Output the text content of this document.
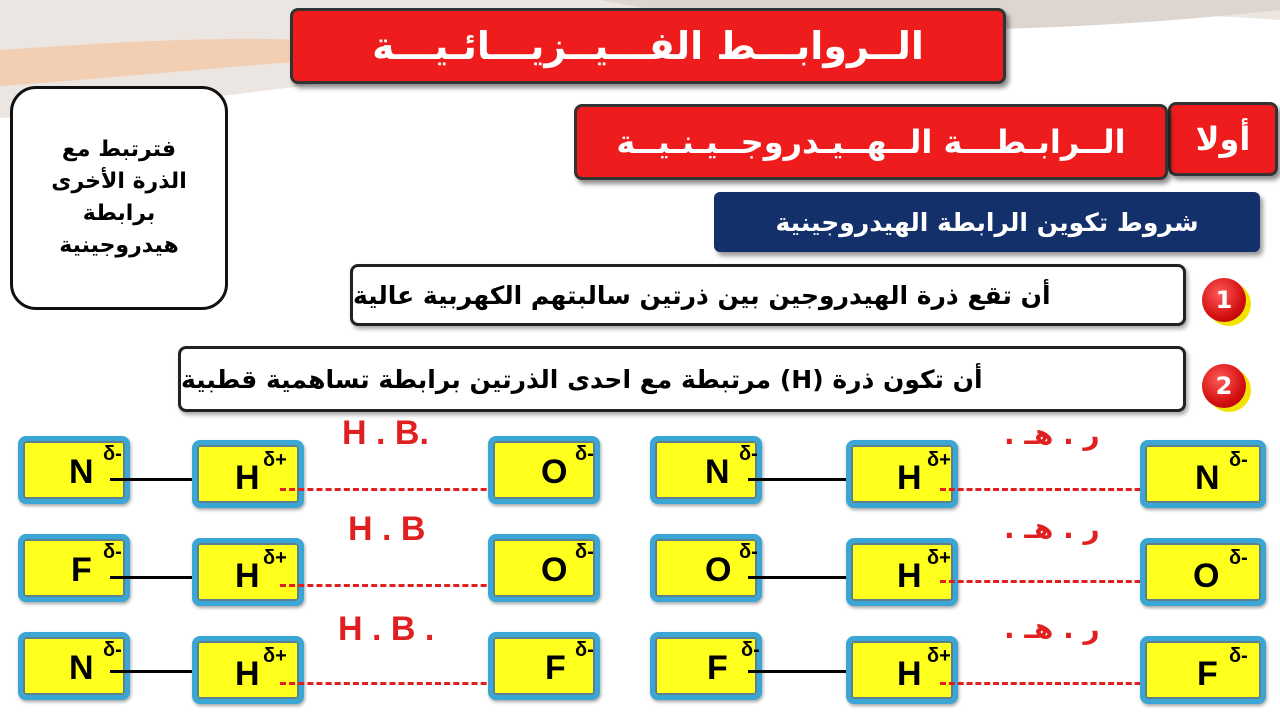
الــروابـــط الفـــيــزيـــائـيـــة
أولا
الــرابـطـــة الــهــيـدروجــيـنـيــة
شروط تكوين الرابطة الهيدروجينية
فترتبط مع
الذرة الأخرى
برابطة
هيدروجينية
أن تقع ذرة الهيدروجين بين ذرتين سالبتهم الكهربية عالية	1
أن تكون ذرة (H) مرتبطة مع احدى الذرتين برابطة تساهمية قطبية	2
H . B.
H . B
H . B .
ر . هـ .
ر . هـ .
ر . هـ .
N δ-
H δ+	O δ-
F δ-
H δ+	O δ-
N δ-
H δ+	F δ-
N δ-
H δ+	N δ-
O δ-
H δ+	O δ-
F δ-
H δ+	F δ-
